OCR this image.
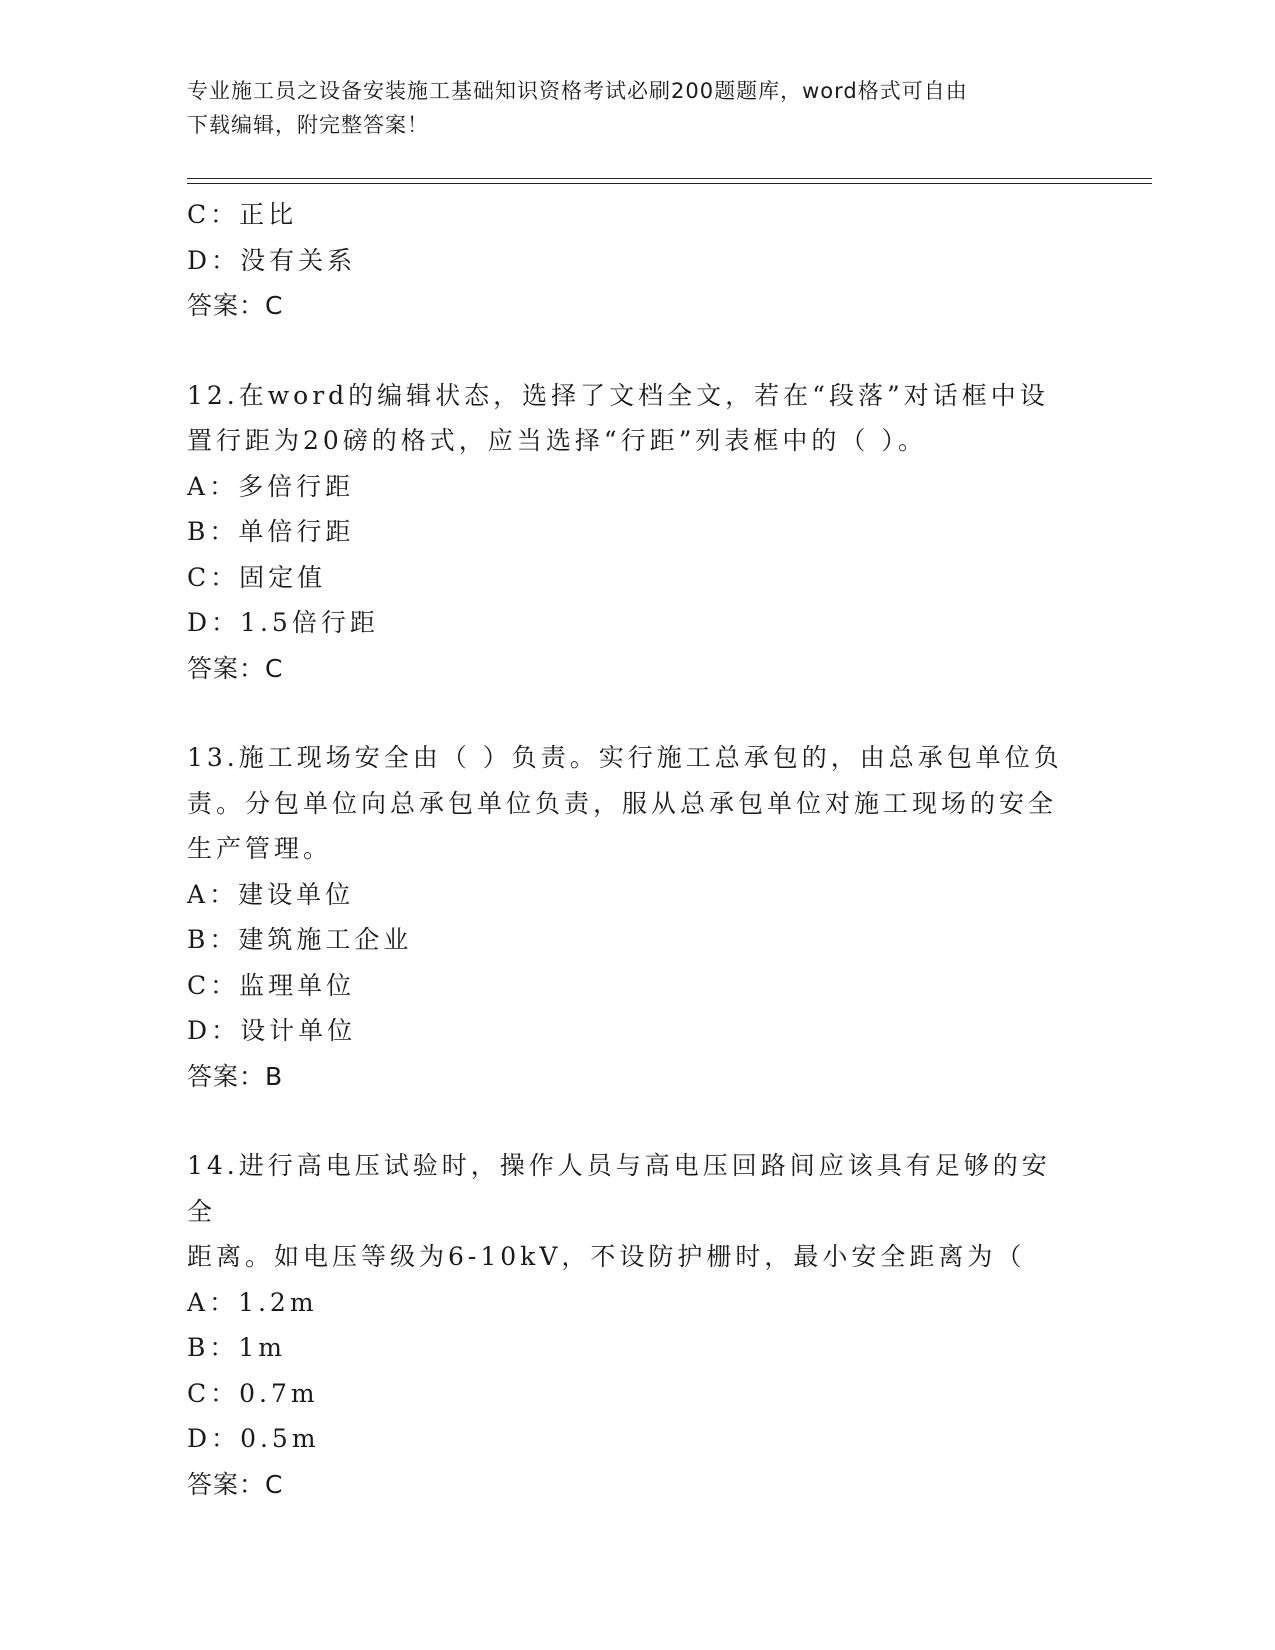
专业施工员之设备安装施工基础知识资格考试必刷200题题库，word格式可自由
下载编辑，附完整答案！
C：正比
D：没有关系
答案：C
12.在word的编辑状态，选择了文档全文，若在“段落”对话框中设
置行距为20磅的格式，应当选择“行距”列表框中的（ ）。
A：多倍行距
B：单倍行距
C：固定值
D：1.5倍行距
答案：C
13.施工现场安全由（ ）负责。实行施工总承包的，由总承包单位负
责。分包单位向总承包单位负责，服从总承包单位对施工现场的安全
生产管理。
A：建设单位
B：建筑施工企业
C：监理单位
D：设计单位
答案：B
14.进行高电压试验时，操作人员与高电压回路间应该具有足够的安全
距离。如电压等级为6-10kV，不设防护栅时，最小安全距离为（
A：1.2m
B：1m
C：0.7m
D：0.5m
答案：C
